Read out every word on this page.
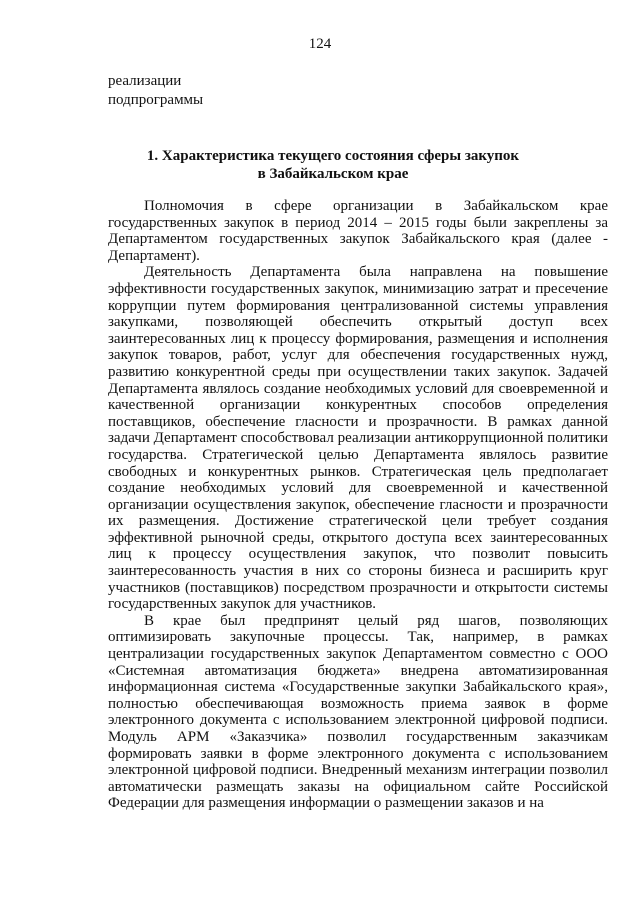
124
реализации
подпрограммы
1. Характеристика текущего состояния сферы закупок
в Забайкальском крае

Полномочия в сфере организации в Забайкальском крае государственных закупок в период 2014 – 2015 годы были закреплены за Департаментом государственных закупок Забайкальского края (далее - Департамент).

Деятельность Департамента была направлена на повышение эффективности государственных закупок, минимизацию затрат и пресечение коррупции путем формирования централизованной системы управления закупками, позволяющей обеспечить открытый доступ всех заинтересованных лиц к процессу формирования, размещения и исполнения закупок товаров, работ, услуг для обеспечения государственных нужд, развитию конкурентной среды при осуществлении таких закупок. Задачей Департамента являлось создание необходимых условий для своевременной и качественной организации конкурентных способов определения поставщиков, обеспечение гласности и прозрачности. В рамках данной задачи Департамент способствовал реализации антикоррупционной политики государства. Стратегической целью Департамента являлось развитие свободных и конкурентных рынков. Стратегическая цель предполагает создание необходимых условий для своевременной и качественной организации осуществления закупок, обеспечение гласности и прозрачности их размещения. Достижение стратегической цели требует создания эффективной рыночной среды, открытого доступа всех заинтересованных лиц к процессу осуществления закупок, что позволит повысить заинтересованность участия в них со стороны бизнеса и расширить круг участников (поставщиков) посредством прозрачности и открытости системы государственных закупок для участников.

В крае был предпринят целый ряд шагов, позволяющих оптимизировать закупочные процессы. Так, например, в рамках централизации государственных закупок Департаментом совместно с ООО «Системная автоматизация бюджета» внедрена автоматизированная информационная система «Государственные закупки Забайкальского края», полностью обеспечивающая возможность приема заявок в форме электронного документа с использованием электронной цифровой подписи. Модуль АРМ «Заказчика» позволил государственным заказчикам формировать заявки в форме электронного документа с использованием электронной цифровой подписи. Внедренный механизм интеграции позволил автоматически размещать заказы на официальном сайте Российской Федерации для размещения информации о размещении заказов и на
